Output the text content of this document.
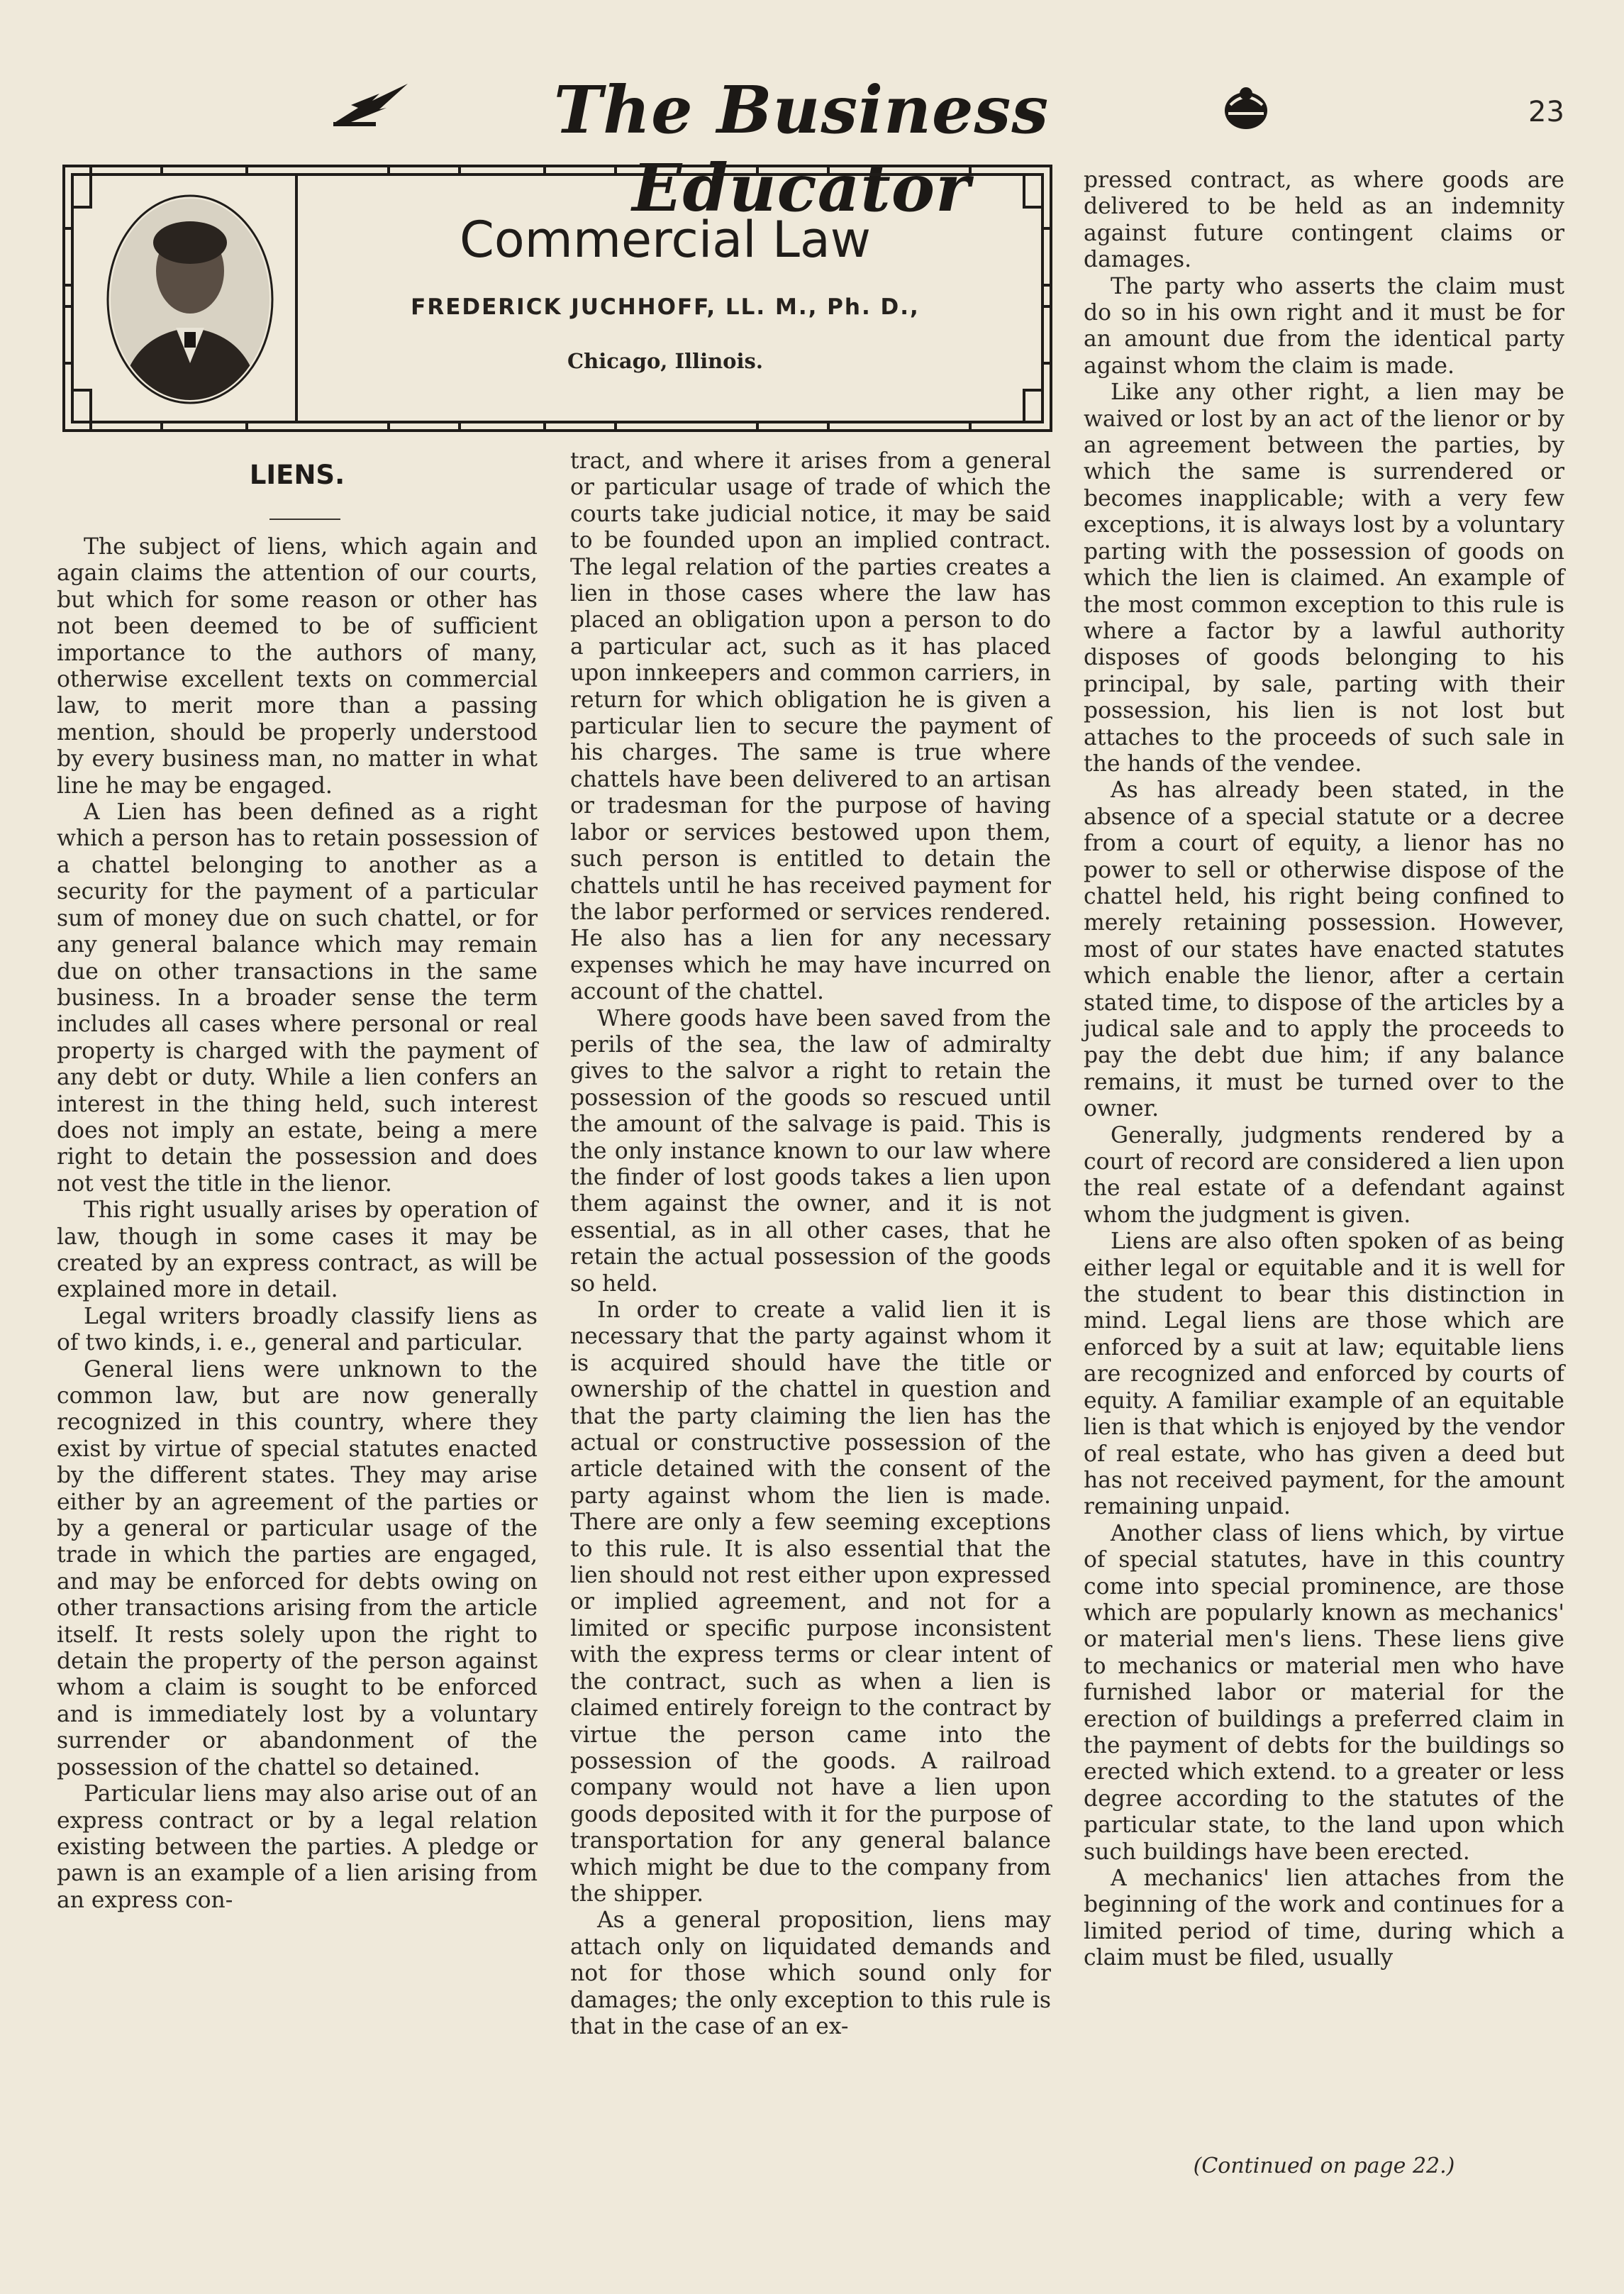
The Business Educator
23
Commercial Law
FREDERICK JUCHHOFF, LL. M., Ph. D.,
Chicago, Illinois.
LIENS.

The subject of liens, which again and again claims the attention of our courts, but which for some reason or other has not been deemed to be of sufficient importance to the authors of many, otherwise excellent texts on commercial law, to merit more than a passing mention, should be properly understood by every business man, no matter in what line he may be engaged.

A Lien has been defined as a right which a person has to retain possession of a chattel belonging to another as a security for the payment of a particular sum of money due on such chattel, or for any general balance which may remain due on other transactions in the same business. In a broader sense the term includes all cases where personal or real property is charged with the payment of any debt or duty. While a lien confers an interest in the thing held, such interest does not imply an estate, being a mere right to detain the possession and does not vest the title in the lienor.

This right usually arises by operation of law, though in some cases it may be created by an express contract, as will be explained more in detail.

Legal writers broadly classify liens as of two kinds, i. e., general and particular.

General liens were unknown to the common law, but are now generally recognized in this country, where they exist by virtue of special statutes enacted by the different states. They may arise either by an agreement of the parties or by a general or particular usage of the trade in which the parties are engaged, and may be enforced for debts owing on other transactions arising from the article itself. It rests solely upon the right to detain the property of the person against whom a claim is sought to be enforced and is immediately lost by a voluntary surrender or abandonment of the possession of the chattel so detained.

Particular liens may also arise out of an express contract or by a legal relation existing between the parties. A pledge or pawn is an example of a lien arising from an express con-

tract, and where it arises from a general or particular usage of trade of which the courts take judicial notice, it may be said to be founded upon an implied contract. The legal relation of the parties creates a lien in those cases where the law has placed an obligation upon a person to do a particular act, such as it has placed upon innkeepers and common carriers, in return for which obligation he is given a particular lien to secure the payment of his charges. The same is true where chattels have been delivered to an artisan or tradesman for the purpose of having labor or services bestowed upon them, such person is entitled to detain the chattels until he has received payment for the labor performed or services rendered. He also has a lien for any necessary expenses which he may have incurred on account of the chattel.

Where goods have been saved from the perils of the sea, the law of admiralty gives to the salvor a right to retain the possession of the goods so rescued until the amount of the salvage is paid. This is the only instance known to our law where the finder of lost goods takes a lien upon them against the owner, and it is not essential, as in all other cases, that he retain the actual possession of the goods so held.

In order to create a valid lien it is necessary that the party against whom it is acquired should have the title or ownership of the chattel in question and that the party claiming the lien has the actual or constructive possession of the article detained with the consent of the party against whom the lien is made. There are only a few seeming exceptions to this rule. It is also essential that the lien should not rest either upon expressed or implied agreement, and not for a limited or specific purpose inconsistent with the express terms or clear intent of the contract, such as when a lien is claimed entirely foreign to the contract by virtue the person came into the possession of the goods. A railroad company would not have a lien upon goods deposited with it for the purpose of transportation for any general balance which might be due to the company from the shipper.

As a general proposition, liens may attach only on liquidated demands and not for those which sound only for damages; the only exception to this rule is that in the case of an ex-

pressed contract, as where goods are delivered to be held as an indemnity against future contingent claims or damages.

The party who asserts the claim must do so in his own right and it must be for an amount due from the identical party against whom the claim is made.

Like any other right, a lien may be waived or lost by an act of the lienor or by an agreement between the parties, by which the same is surrendered or becomes inapplicable; with a very few exceptions, it is always lost by a voluntary parting with the possession of goods on which the lien is claimed. An example of the most common exception to this rule is where a factor by a lawful authority disposes of goods belonging to his principal, by sale, parting with their possession, his lien is not lost but attaches to the proceeds of such sale in the hands of the vendee.

As has already been stated, in the absence of a special statute or a decree from a court of equity, a lienor has no power to sell or otherwise dispose of the chattel held, his right being confined to merely retaining possession. However, most of our states have enacted statutes which enable the lienor, after a certain stated time, to dispose of the articles by a judical sale and to apply the proceeds to pay the debt due him; if any balance remains, it must be turned over to the owner.

Generally, judgments rendered by a court of record are considered a lien upon the real estate of a defendant against whom the judgment is given.

Liens are also often spoken of as being either legal or equitable and it is well for the student to bear this distinction in mind. Legal liens are those which are enforced by a suit at law; equitable liens are recognized and enforced by courts of equity. A familiar example of an equitable lien is that which is enjoyed by the vendor of real estate, who has given a deed but has not received payment, for the amount remaining unpaid.

Another class of liens which, by virtue of special statutes, have in this country come into special prominence, are those which are popularly known as mechanics' or material men's liens. These liens give to mechanics or material men who have furnished labor or material for the erection of buildings a preferred claim in the payment of debts for the buildings so erected which extend. to a greater or less degree according to the statutes of the particular state, to the land upon which such buildings have been erected.

A mechanics' lien attaches from the beginning of the work and continues for a limited period of time, during which a claim must be filed, usually

(Continued on page 22.)
